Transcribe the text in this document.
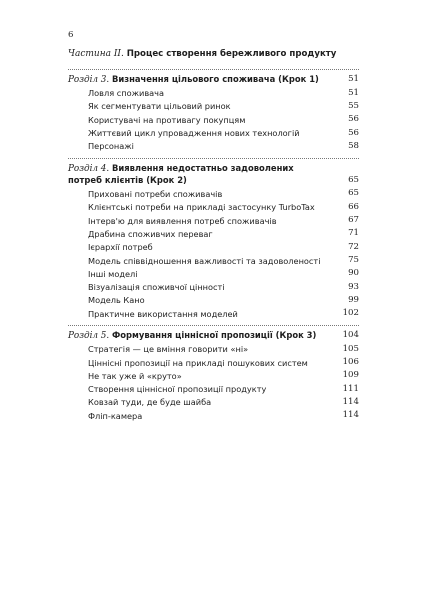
6
Частина II. Процес створення бережливого продукту
Розділ 3. Визначення цільового споживача (Крок 1)	51
Ловля споживача	51
Як сегментувати цільовий ринок	55
Користувачі на противагу покупцям	56
Життєвий цикл упровадження нових технологій	56
Персонажі	58
Розділ 4. Виявлення недостатньо задоволених потреб клієнтів (Крок 2)	65
Приховані потреби споживачів	65
Клієнтські потреби на прикладі застосунку TurboTax	66
Інтерв'ю для виявлення потреб споживачів	67
Драбина споживчих переваг	71
Ієрархії потреб	72
Модель співвідношення важливості та задоволеності	75
Інші моделі	90
Візуалізація споживчої цінності	93
Модель Кано	99
Практичне використання моделей	102
Розділ 5. Формування ціннісної пропозиції (Крок 3)	104
Стратегія — це вміння говорити «ні»	105
Ціннісні пропозиції на прикладі пошукових систем	106
Не так уже й «круто»	109
Створення ціннісної пропозиції продукту	111
Ковзай туди, де буде шайба	114
Фліп-камера	114
